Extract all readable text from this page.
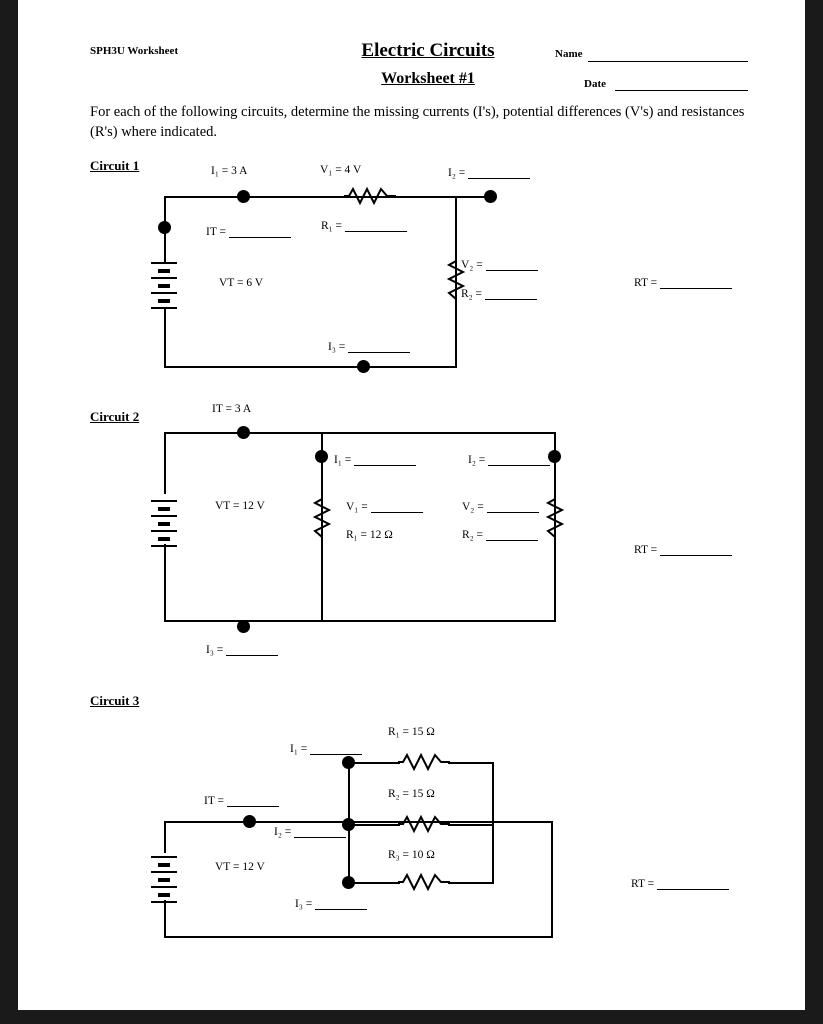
SPH3U Worksheet	Electric Circuits
Worksheet #1
Name
Date
For each of the following circuits, determine the missing currents (I's), potential differences (V's) and resistances (R's) where indicated.
Circuit 1	I₁ = 3 A	V₁ = 4 V	I₂ =
IT =	R₁ =
V₂ =
R₂ =
VT = 6 V
I₃ =
RT =
Circuit 2	IT = 3 A
I₁ =	I₂ =
VT = 12 V	V₁ =
R₁ = 12 Ω
V₂ =
R₂ =
I₃ =
RT =
Circuit 3
R₁ = 15 Ω
R₂ = 15 Ω
R₃ = 10 Ω
I₁ =
IT =
I₂ =
I₃ =
VT = 12 V
RT =
